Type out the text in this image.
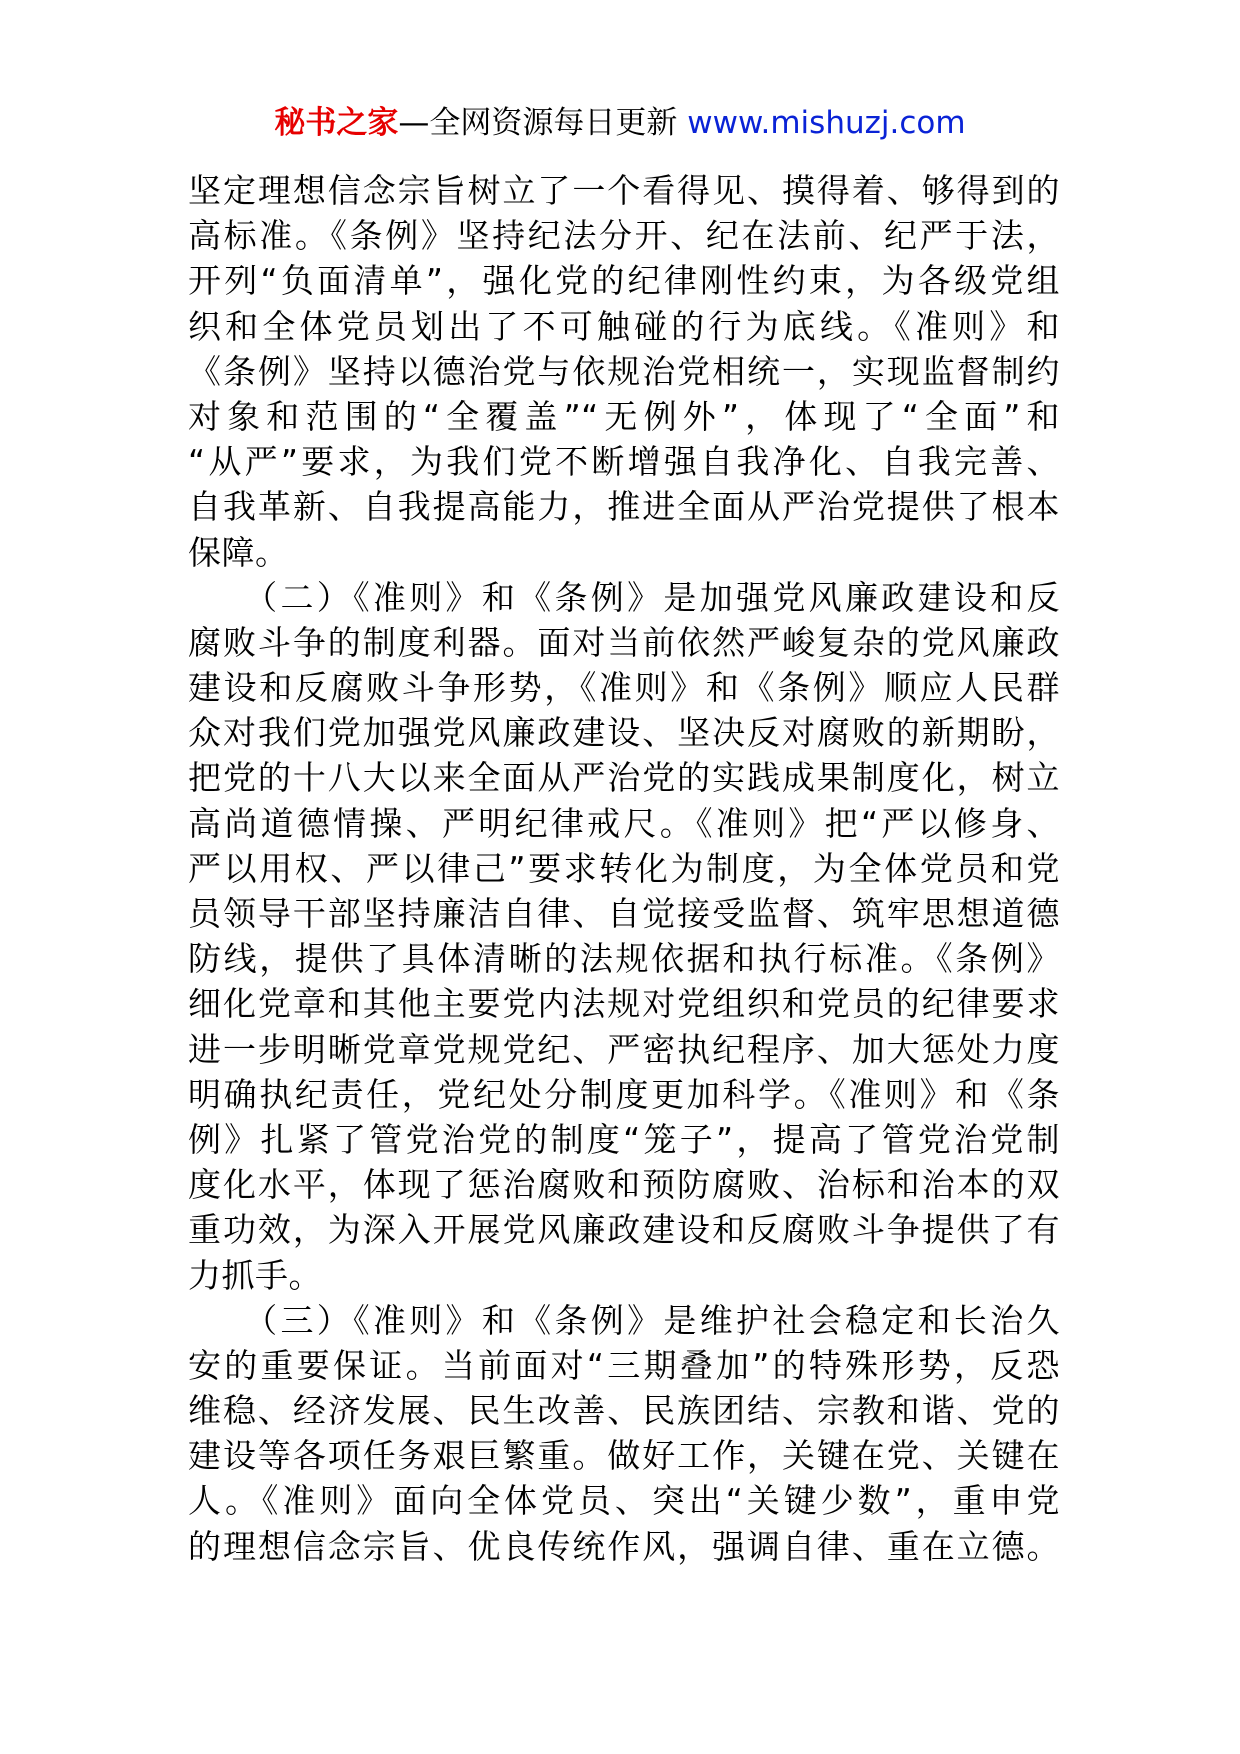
秘书之家—全网资源每日更新 www.mishuzj.com
坚定理想信念宗旨树立了一个看得见、摸得着、够得到的
高标准。《条例》坚持纪法分开、纪在法前、纪严于法，
开列“负面清单”，强化党的纪律刚性约束，为各级党组
织和全体党员划出了不可触碰的行为底线。《准则》和
《条例》坚持以德治党与依规治党相统一，实现监督制约
对象和范围的“全覆盖”“无例外”，体现了“全面”和
“从严”要求，为我们党不断增强自我净化、自我完善、
自我革新、自我提高能力，推进全面从严治党提供了根本
保障。
　　（二）《准则》和《条例》是加强党风廉政建设和反
腐败斗争的制度利器。面对当前依然严峻复杂的党风廉政
建设和反腐败斗争形势，《准则》和《条例》顺应人民群
众对我们党加强党风廉政建设、坚决反对腐败的新期盼，
把党的十八大以来全面从严治党的实践成果制度化，树立
高尚道德情操、严明纪律戒尺。《准则》把“严以修身、
严以用权、严以律己”要求转化为制度，为全体党员和党
员领导干部坚持廉洁自律、自觉接受监督、筑牢思想道德
防线，提供了具体清晰的法规依据和执行标准。《条例》
细化党章和其他主要党内法规对党组织和党员的纪律要求
进一步明晰党章党规党纪、严密执纪程序、加大惩处力度
明确执纪责任，党纪处分制度更加科学。《准则》和《条
例》扎紧了管党治党的制度“笼子”，提高了管党治党制
度化水平，体现了惩治腐败和预防腐败、治标和治本的双
重功效，为深入开展党风廉政建设和反腐败斗争提供了有
力抓手。
　　（三）《准则》和《条例》是维护社会稳定和长治久
安的重要保证。当前面对“三期叠加”的特殊形势，反恐
维稳、经济发展、民生改善、民族团结、宗教和谐、党的
建设等各项任务艰巨繁重。做好工作，关键在党、关键在
人。《准则》面向全体党员、突出“关键少数”，重申党
的理想信念宗旨、优良传统作风，强调自律、重在立德。
